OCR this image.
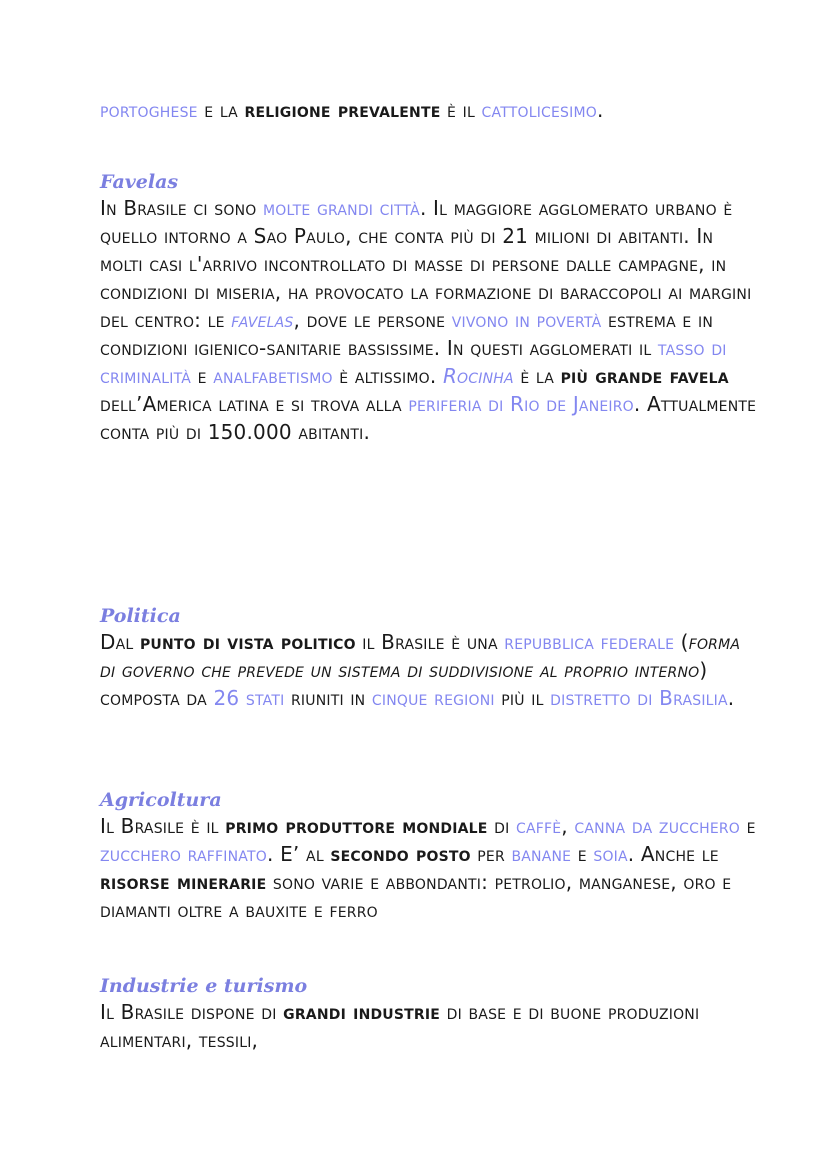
portoghese e la religione prevalente è il cattolicesimo.

Favelas

In Brasile ci sono molte grandi città. Il maggiore agglomerato urbano è quello intorno a Sao Paulo, che conta più di 21 milioni di abitanti. In molti casi l'arrivo incontrollato di masse di persone dalle campagne, in condizioni di miseria, ha provocato la formazione di baraccopoli ai margini del centro: le favelas, dove le persone vivono in povertà estrema e in condizioni igienico-sanitarie bassissime. In questi agglomerati il tasso di criminalità e analfabetismo è altissimo. Rocinha è la più grande favela dell’America latina e si trova alla periferia di Rio de Janeiro. Attualmente conta più di 150.000 abitanti.

Politica

Dal punto di vista politico il Brasile è una repubblica federale (forma di governo che prevede un sistema di suddivisione al proprio interno) composta da 26 stati riuniti in cinque regioni più il distretto di Brasilia.

Agricoltura

Il Brasile è il primo produttore mondiale di caffè, canna da zucchero e zucchero raffinato. E’ al secondo posto per banane e soia. Anche le risorse minerarie sono varie e abbondanti: petrolio, manganese, oro e diamanti oltre a bauxite e ferro

Industrie e turismo

Il Brasile dispone di grandi industrie di base e di buone produzioni alimentari, tessili,
